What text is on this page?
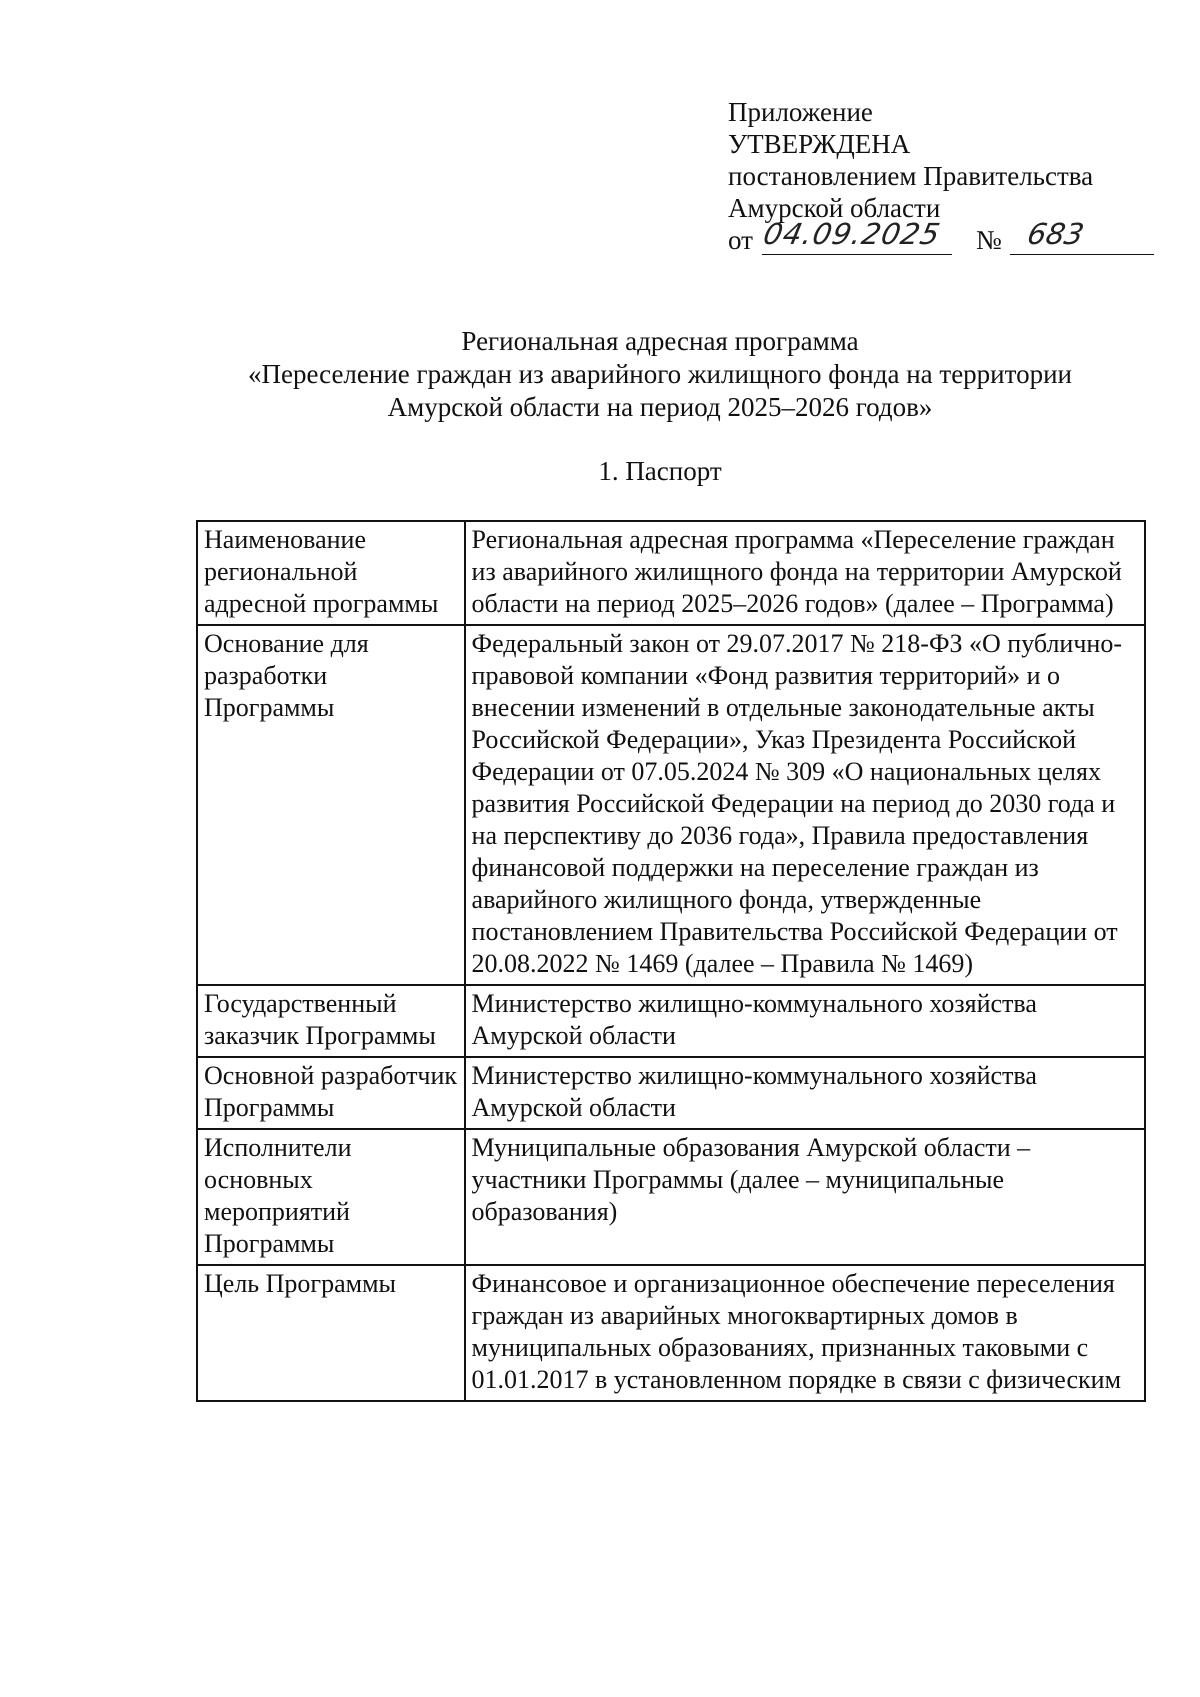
Приложение
УТВЕРЖДЕНА
постановлением Правительства
Амурской области
от 04.09.2025 № 683
Региональная адресная программа
«Переселение граждан из аварийного жилищного фонда на территории
Амурской области на период 2025–2026 годов»
1. Паспорт
Наименование региональной адресной программы	Региональная адресная программа «Переселение граждан из аварийного жилищного фонда на территории Амурской области на период 2025–2026 годов» (далее – Программа)
Основание для разработки Программы	Федеральный закон от 29.07.2017 № 218-ФЗ «О публично-правовой компании «Фонд развития территорий» и о внесении изменений в отдельные законодательные акты Российской Федерации», Указ Президента Российской Федерации от 07.05.2024 № 309 «О национальных целях развития Российской Федерации на период до 2030 года и на перспективу до 2036 года», Правила предоставления финансовой поддержки на переселение граждан из аварийного жилищного фонда, утвержденные постановлением Правительства Российской Федерации от 20.08.2022 № 1469 (далее – Правила № 1469)
Государственный заказчик Программы	Министерство жилищно-коммунального хозяйства Амурской области
Основной разработчик Программы	Министерство жилищно-коммунального хозяйства Амурской области
Исполнители основных мероприятий Программы	Муниципальные образования Амурской области – участники Программы (далее – муниципальные образования)
Цель Программы	Финансовое и организационное обеспечение переселения граждан из аварийных многоквартирных домов в муниципальных образованиях, признанных таковыми с 01.01.2017 в установленном порядке в связи с физическим
